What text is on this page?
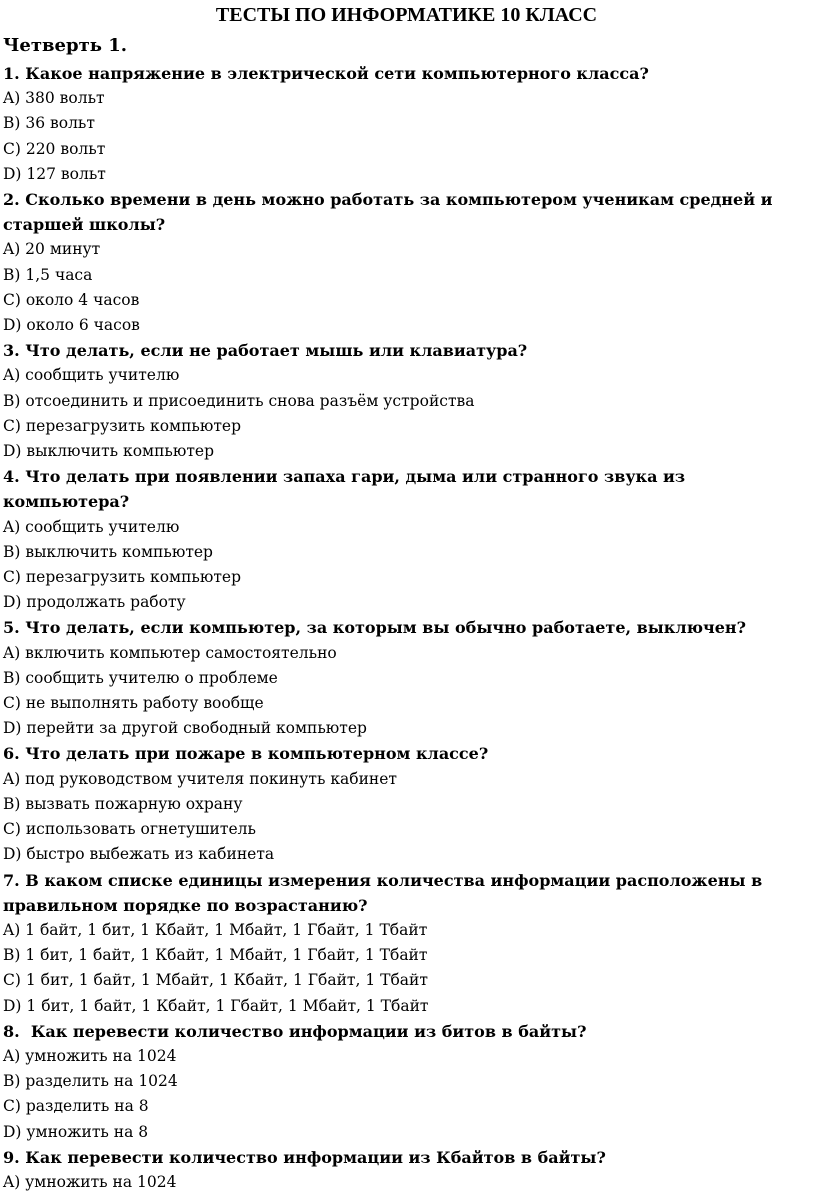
ТЕСТЫ ПО ИНФОРМАТИКЕ 10 КЛАСС
Четверть 1.
1. Какое напряжение в электрической сети компьютерного класса?
A) 380 вольт
B) 36 вольт
C) 220 вольт
D) 127 вольт
2. Сколько времени в день можно работать за компьютером ученикам средней и старшей школы?
A) 20 минут
B) 1,5 часа
C) около 4 часов
D) около 6 часов
3. Что делать, если не работает мышь или клавиатура?
A) сообщить учителю
B) отсоединить и присоединить снова разъём устройства
C) перезагрузить компьютер
D) выключить компьютер
4. Что делать при появлении запаха гари, дыма или странного звука из компьютера?
A) сообщить учителю
B) выключить компьютер
C) перезагрузить компьютер
D) продолжать работу
5. Что делать, если компьютер, за которым вы обычно работаете, выключен?
A) включить компьютер самостоятельно
B) сообщить учителю о проблеме
C) не выполнять работу вообще
D) перейти за другой свободный компьютер
6. Что делать при пожаре в компьютерном классе?
A) под руководством учителя покинуть кабинет
B) вызвать пожарную охрану
C) использовать огнетушитель
D) быстро выбежать из кабинета
7. В каком списке единицы измерения количества информации расположены в правильном порядке по возрастанию?
A) 1 байт, 1 бит, 1 Кбайт, 1 Мбайт, 1 Гбайт, 1 Тбайт
B) 1 бит, 1 байт, 1 Кбайт, 1 Мбайт, 1 Гбайт, 1 Тбайт
C) 1 бит, 1 байт, 1 Мбайт, 1 Кбайт, 1 Гбайт, 1 Тбайт
D) 1 бит, 1 байт, 1 Кбайт, 1 Гбайт, 1 Мбайт, 1 Тбайт
8.  Как перевести количество информации из битов в байты?
A) умножить на 1024
B) разделить на 1024
C) разделить на 8
D) умножить на 8
9. Как перевести количество информации из Кбайтов в байты?
A) умножить на 1024
